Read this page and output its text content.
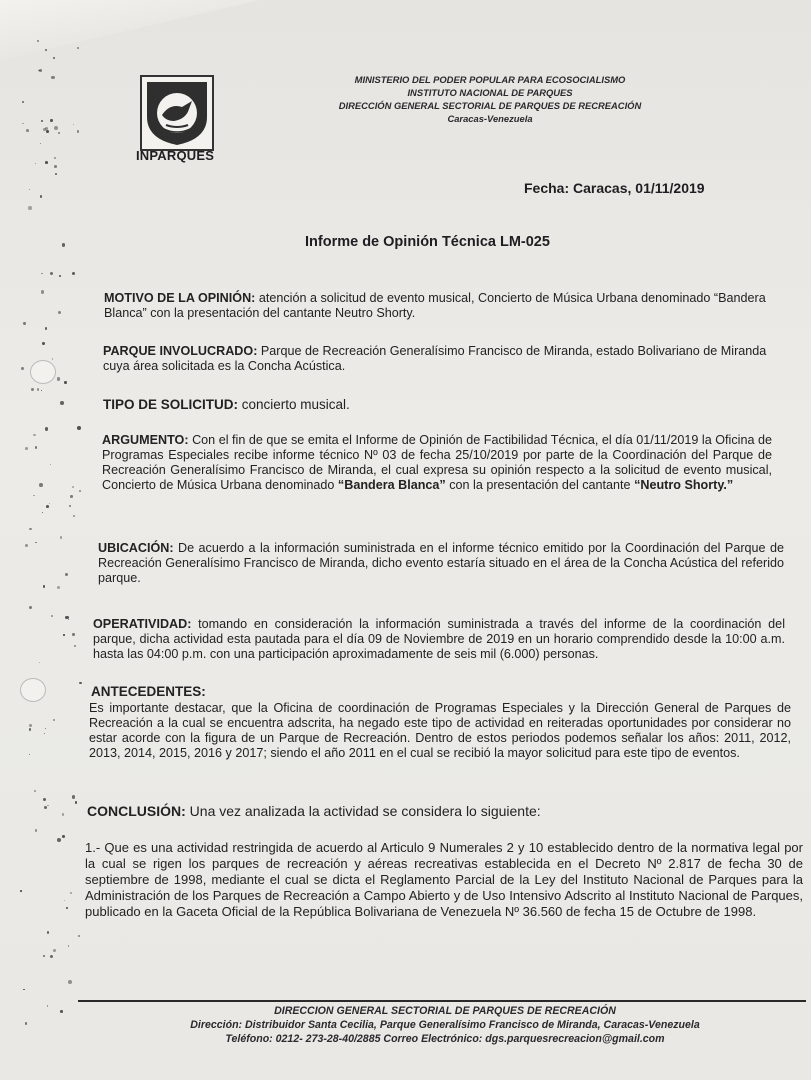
INPARQUES
MINISTERIO DEL PODER POPULAR PARA ECOSOCIALISMO
INSTITUTO NACIONAL DE PARQUES
DIRECCIÓN GENERAL SECTORIAL DE PARQUES DE RECREACIÓN
Caracas-Venezuela
Fecha: Caracas, 01/11/2019
Informe de Opinión Técnica LM-025
MOTIVO DE LA OPINIÓN: atención a solicitud de evento musical, Concierto de Música Urbana denominado “Bandera Blanca” con la presentación del cantante Neutro Shorty.
PARQUE INVOLUCRADO: Parque de Recreación Generalísimo Francisco de Miranda, estado Bolivariano de Miranda cuya área solicitada es la Concha Acústica.
TIPO DE SOLICITUD: concierto musical.
ARGUMENTO: Con el fin de que se emita el Informe de Opinión de Factibilidad Técnica, el día 01/11/2019 la Oficina de Programas Especiales recibe informe técnico Nº 03 de fecha 25/10/2019 por parte de la Coordinación del Parque de Recreación Generalísimo Francisco de Miranda, el cual expresa su opinión respecto a la solicitud de evento musical, Concierto de Música Urbana denominado “Bandera Blanca” con la presentación del cantante “Neutro Shorty.”
UBICACIÓN: De acuerdo a la información suministrada en el informe técnico emitido por la Coordinación del Parque de Recreación Generalísimo Francisco de Miranda, dicho evento estaría situado en el área de la Concha Acústica del referido parque.
OPERATIVIDAD: tomando en consideración la información suministrada a través del informe de la coordinación del parque, dicha actividad esta pautada para el día 09 de Noviembre de 2019 en un horario comprendido desde la 10:00 a.m. hasta las 04:00 p.m. con una participación aproximadamente de seis mil (6.000) personas.
ANTECEDENTES:
Es importante destacar, que la Oficina de coordinación de Programas Especiales y la Dirección General de Parques de Recreación a la cual se encuentra adscrita, ha negado este tipo de actividad en reiteradas oportunidades por considerar no estar acorde con la figura de un Parque de Recreación. Dentro de estos periodos podemos señalar los años: 2011, 2012, 2013, 2014, 2015, 2016 y 2017; siendo el año 2011 en el cual se recibió la mayor solicitud para este tipo de eventos.
CONCLUSIÓN: Una vez analizada la actividad se considera lo siguiente:
1.- Que es una actividad restringida de acuerdo al Articulo 9 Numerales 2 y 10 establecido dentro de la normativa legal por la cual se rigen los parques de recreación y aéreas recreativas establecida en el Decreto Nº 2.817 de fecha 30 de septiembre de 1998, mediante el cual se dicta el Reglamento Parcial de la Ley del Instituto Nacional de Parques para la Administración de los Parques de Recreación a Campo Abierto y de Uso Intensivo Adscrito al Instituto Nacional de Parques, publicado en la Gaceta Oficial de la República Bolivariana de Venezuela Nº 36.560 de fecha 15 de Octubre de 1998.
DIRECCION GENERAL SECTORIAL DE PARQUES DE RECREACIÓN
Dirección: Distribuidor Santa Cecilia, Parque Generalísimo Francisco de Miranda, Caracas-Venezuela
Teléfono: 0212- 273-28-40/2885 Correo Electrónico: dgs.parquesrecreacion@gmail.com
